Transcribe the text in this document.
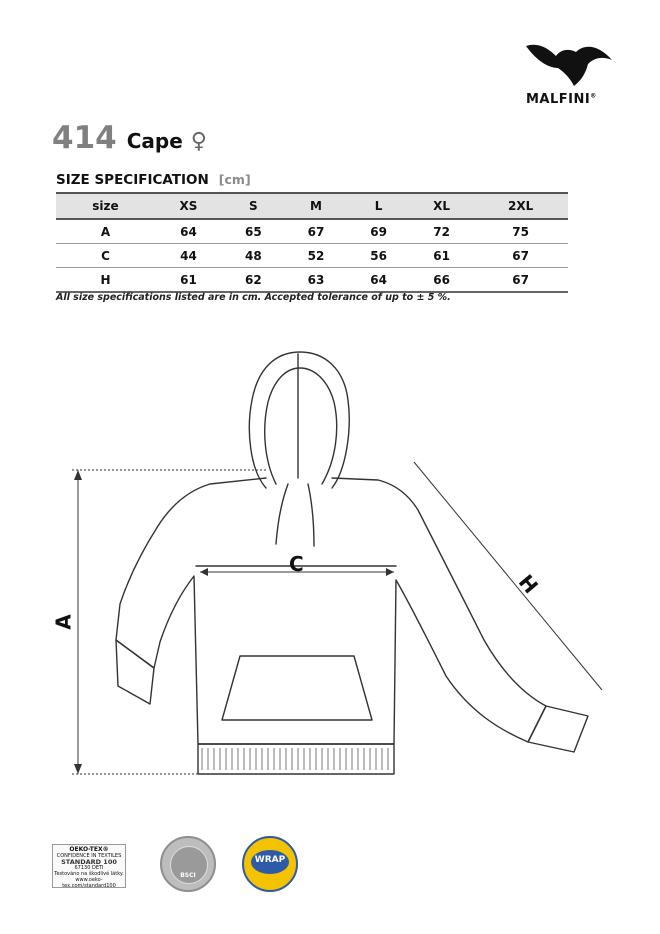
MALFINI®
414 Cape ♀
SIZE SPECIFICATION [cm]
size	XS	S	M	L	XL	2XL
A	64	65	67	69	72	75
C	44	48	52	56	61	67
H	61	62	63	64	66	67
All size specifications listed are in cm. Accepted tolerance of up to ± 5 %.
A
C
H
OEKO-TEX®
CONFIDENCE IN TEXTILES
STANDARD 100
67130 DETI
Testováno na škodlivé látky.
www.oeko-tex.com/standard100
BSCI
WRAP
